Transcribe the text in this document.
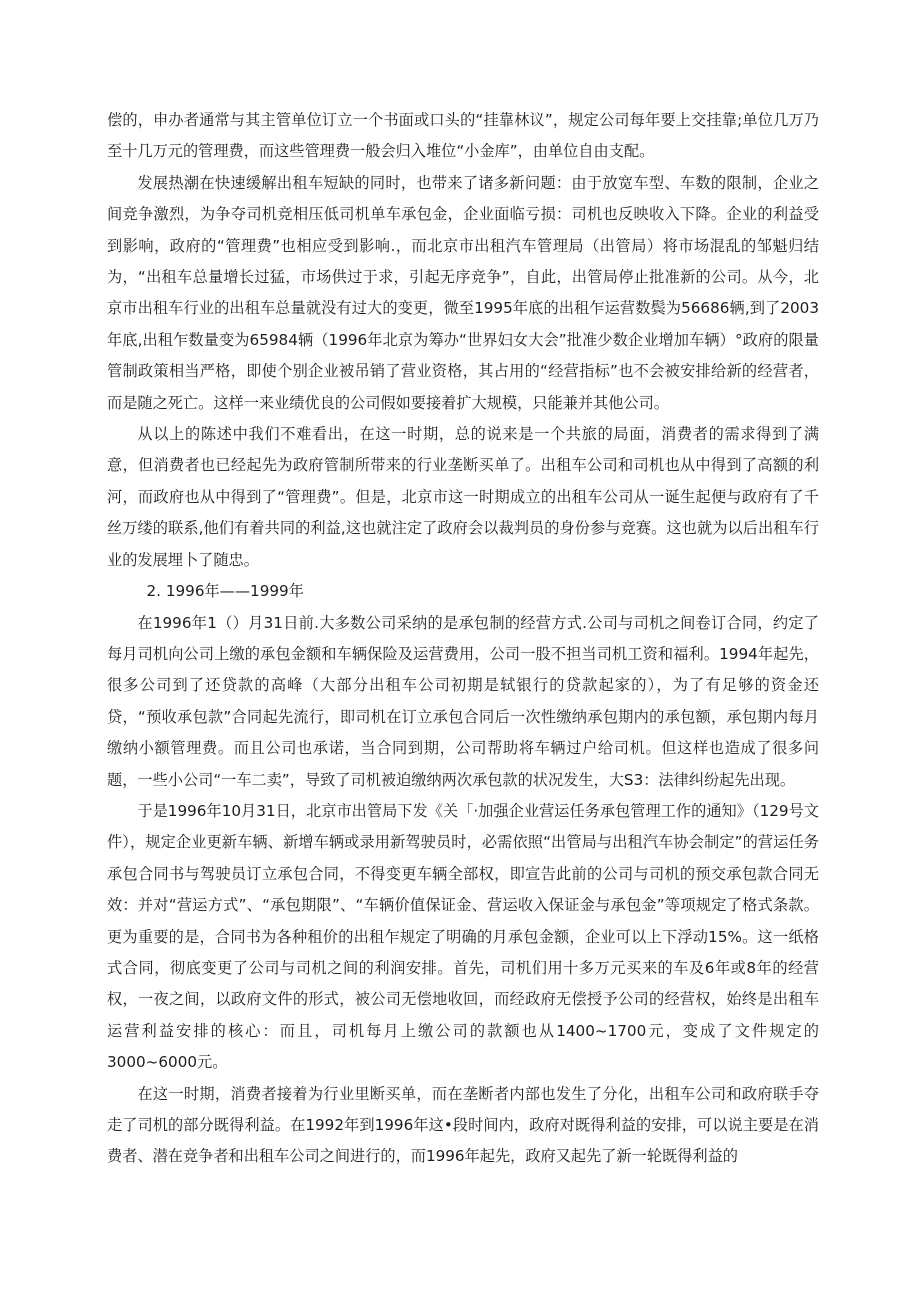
偿的，申办者通常与其主管单位订立一个书面或口头的“挂靠林议”，规定公司每年要上交挂靠;单位几万乃至十几万元的管理费，而这些管理费一般会归入堆位“小金库”，由单位自由支配。

发展热潮在快速缓解出租车短缺的同时，也带来了诸多新问题：由于放宽车型、车数的限制，企业之间竞争激烈，为争夺司机竞相压低司机单车承包金，企业面临亏损：司机也反映收入下降。企业的利益受到影响，政府的“管理费”也相应受到影响.，而北京市出租汽车管理局（出管局）将市场混乱的邹魁归结为，“出租车总量增长过猛，市场供过于求，引起无序竞争”，自此，出管局停止批准新的公司。从今，北京市出租车行业的出租车总量就没有过大的变更，微至1995年底的出租乍运营数鬓为56686辆,到了2003年底,出租乍数量变为65984辆（1996年北京为筹办“世界妇女大会”批准少数企业增加车辆）°政府的限量管制政策相当严格，即使个别企业被吊销了营业资格，其占用的“经营指标”也不会被安排给新的经营者，而是随之死亡。这样一来业绩优良的公司假如要接着扩大规模，只能兼并其他公司。

从以上的陈述中我们不难看出，在这一时期，总的说来是一个共旅的局面，消费者的需求得到了满意，但消费者也已经起先为政府管制所带来的行业垄断买单了。出租车公司和司机也从中得到了高额的利河，而政府也从中得到了“管理费”。但是，北京市这一时期成立的出租车公司从一诞生起便与政府有了千丝万缕的联系,他们有着共同的利益,这也就注定了政府会以裁判员的身份参与竞赛。这也就为以后出租车行业的发展埋卜了随忠。

2. 1996年——1999年

在1996年1（）月31日前.大多数公司采纳的是承包制的经营方式.公司与司机之间卷订合同，约定了每月司机向公司上缴的承包金额和车辆保险及运营费用，公司一股不担当司机工资和福利。1994年起先，很多公司到了还贷款的高峰（大部分出租车公司初期是轼银行的贷款起家的），为了有足够的资金还贷，“预收承包款”合同起先流行，即司机在订立承包合同后一次性缴纳承包期内的承包额，承包期内每月缴纳小额管理费。而且公司也承诺，当合同到期，公司帮助将车辆过户给司机。但这样也造成了很多问题，一些小公司“一车二卖”，导致了司机被迫缴纳两次承包款的状况发生，大S3：法律纠纷起先出现。

于是1996年10月31日，北京市出管局下发《关「·加强企业营运任务承包管理工作的通知》（129号文件），规定企业更新车辆、新增车辆或录用新驾驶员时，必需依照“出管局与出租汽车协会制定”的营运任务承包合同书与驾驶员订立承包合同，不得变更车辆全部权，即宣告此前的公司与司机的预交承包款合同无效：并对“营运方式”、“承包期限”、“车辆价值保证金、营运收入保证金与承包金”等项规定了格式条款。更为重要的是，合同书为各种租价的出租乍规定了明确的月承包金额，企业可以上下浮动15%。这一纸格式合同，彻底变更了公司与司机之间的利润安排。首先，司机们用十多万元买来的车及6年或8年的经营权，一夜之间，以政府文件的形式，被公司无偿地收回，而经政府无偿授予公司的经营权，始终是出租车运营利益安排的核心：而且，司机每月上缴公司的款额也从1400~1700元，变成了文件规定的3000~6000元。

在这一时期，消费者接着为行业里断买单，而在垄断者内部也发生了分化，出租车公司和政府联手夺走了司机的部分既得利益。在1992年到1996年这•段时间内，政府对既得利益的安排，可以说主要是在消费者、潜在竞争者和出租车公司之间进行的，而1996年起先，政府又起先了新一轮既得利益的
